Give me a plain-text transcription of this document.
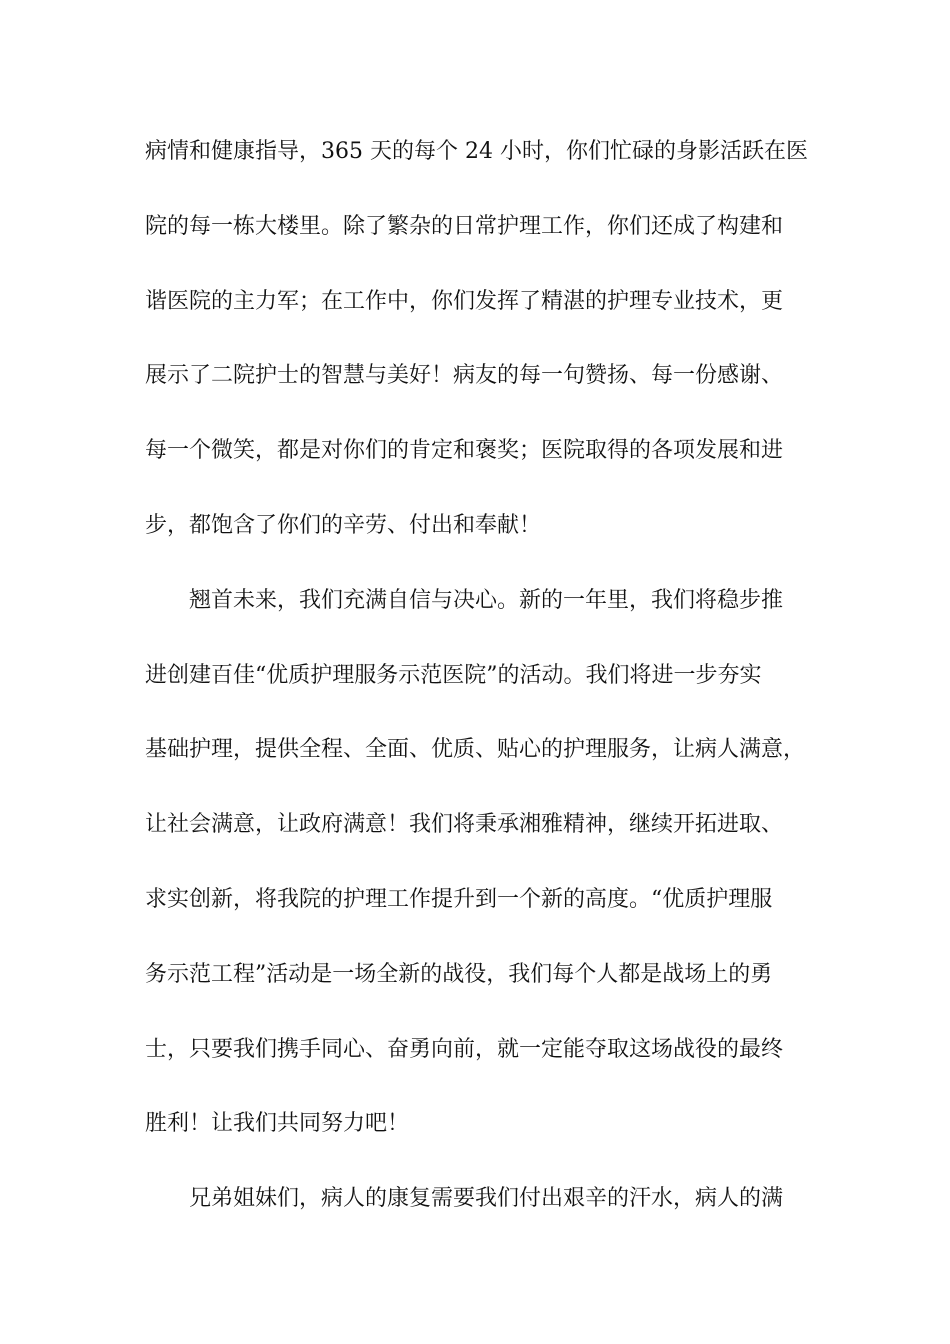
病情和健康指导，365 天的每个 24 小时，你们忙碌的身影活跃在医
院的每一栋大楼里。除了繁杂的日常护理工作，你们还成了构建和
谐医院的主力军；在工作中，你们发挥了精湛的护理专业技术，更
展示了二院护士的智慧与美好！病友的每一句赞扬、每一份感谢、
每一个微笑，都是对你们的肯定和褒奖；医院取得的各项发展和进
步，都饱含了你们的辛劳、付出和奉献！
翘首未来，我们充满自信与决心。新的一年里，我们将稳步推
进创建百佳“优质护理服务示范医院”的活动。我们将进一步夯实
基础护理，提供全程、全面、优质、贴心的护理服务，让病人满意，
让社会满意，让政府满意！我们将秉承湘雅精神，继续开拓进取、
求实创新，将我院的护理工作提升到一个新的高度。“优质护理服
务示范工程”活动是一场全新的战役，我们每个人都是战场上的勇
士，只要我们携手同心、奋勇向前，就一定能夺取这场战役的最终
胜利！让我们共同努力吧！
兄弟姐妹们，病人的康复需要我们付出艰辛的汗水，病人的满
